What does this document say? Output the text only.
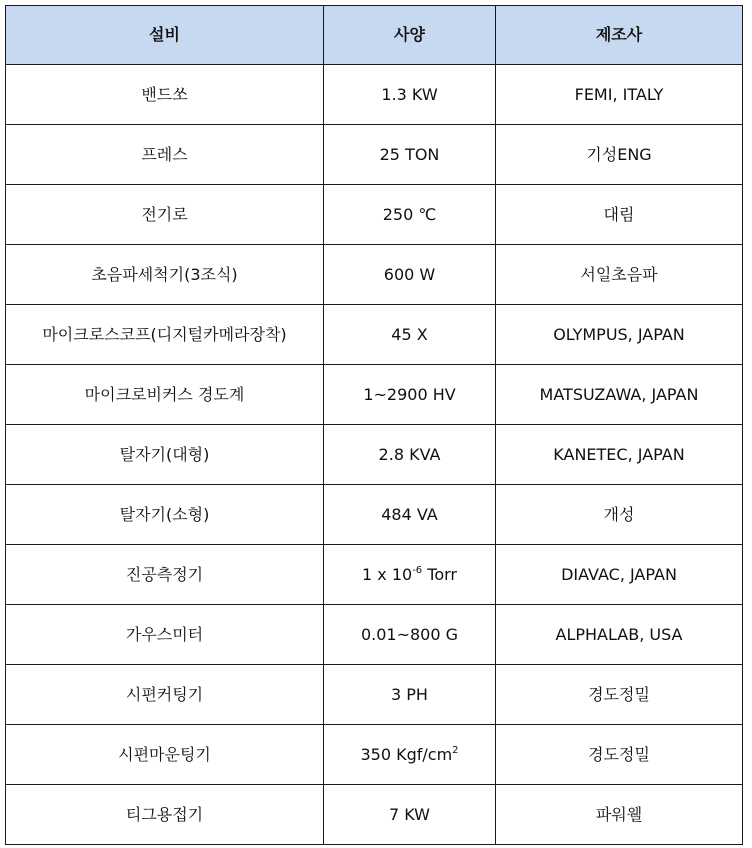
설비	사양	제조사
밴드쏘	1.3 KW	FEMI, ITALY
프레스	25 TON	기성ENG
전기로	250 ℃	대림
초음파세척기(3조식)	600 W	서일초음파
마이크로스코프(디지털카메라장착)	45 X	OLYMPUS, JAPAN
마이크로비커스 경도계	1~2900 HV	MATSUZAWA, JAPAN
탈자기(대형)	2.8 KVA	KANETEC, JAPAN
탈자기(소형)	484 VA	개성
진공측정기	1 x $10^{-6}$ Torr	DIAVAC, JAPAN
가우스미터	0.01~800 G	ALPHALAB, USA
시편커팅기	3 PH	경도정밀
시편마운팅기	350 Kgf/$cm^2$	경도정밀
티그용접기	7 KW	파워웰
